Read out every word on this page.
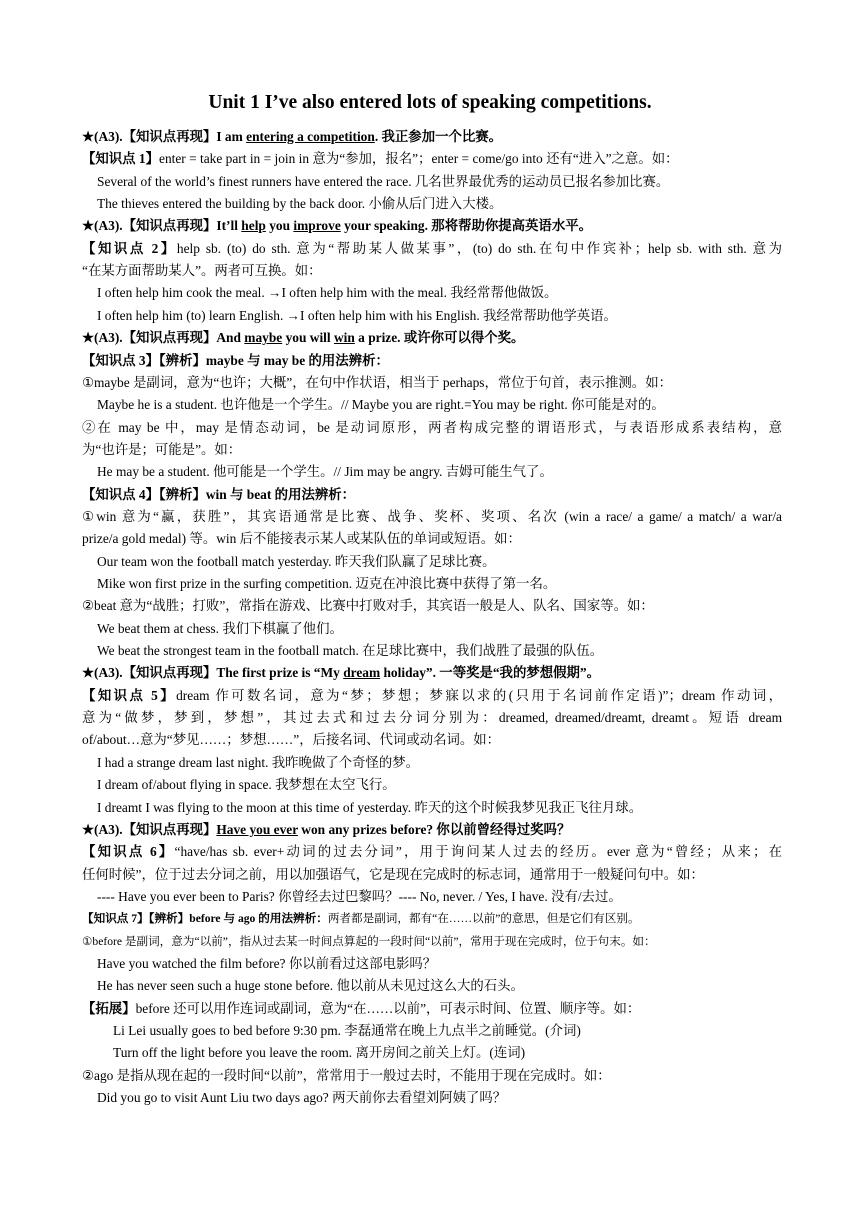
Unit 1 I’ve also entered lots of speaking competitions.
★(A3).【知识点再现】I am entering a competition. 我正参加一个比赛。
【知识点 1】enter = take part in = join in 意为“参加，报名”；enter = come/go into 还有“进入”之意。如：
Several of the world’s finest runners have entered the race. 几名世界最优秀的运动员已报名参加比赛。
The thieves entered the building by the back door. 小偷从后门进入大楼。
★(A3).【知识点再现】It’ll help you improve your speaking. 那将帮助你提高英语水平。
【知识点 2】help sb. (to) do sth. 意为“帮助某人做某事”，(to) do sth.在句中作宾补；help sb. with sth. 意为
“在某方面帮助某人”。两者可互换。如：
I often help him cook the meal. →I often help him with the meal. 我经常帮他做饭。
I often help him (to) learn English. →I often help him with his English. 我经常帮助他学英语。
★(A3).【知识点再现】And maybe you will win a prize. 或许你可以得个奖。
【知识点 3】【辨析】maybe 与 may be 的用法辨析：
①maybe 是副词，意为“也许；大概”，在句中作状语，相当于 perhaps，常位于句首，表示推测。如：
Maybe he is a student. 也许他是一个学生。// Maybe you are right.=You may be right. 你可能是对的。
②在 may be 中，may 是情态动词，be 是动词原形，两者构成完整的谓语形式，与表语形成系表结构，意
为“也许是；可能是”。如：
He may be a student. 他可能是一个学生。// Jim may be angry. 吉姆可能生气了。
【知识点 4】【辨析】win 与 beat 的用法辨析：
①win 意为“赢，获胜”，其宾语通常是比赛、战争、奖杯、奖项、名次 (win a race/ a game/ a match/ a war/a
prize/a gold medal) 等。win 后不能接表示某人或某队伍的单词或短语。如：
Our team won the football match yesterday. 昨天我们队赢了足球比赛。
Mike won first prize in the surfing competition. 迈克在冲浪比赛中获得了第一名。
②beat 意为“战胜；打败”，常指在游戏、比赛中打败对手，其宾语一般是人、队名、国家等。如：
We beat them at chess. 我们下棋赢了他们。
We beat the strongest team in the football match. 在足球比赛中，我们战胜了最强的队伍。
★(A3).【知识点再现】The first prize is “My dream holiday”. 一等奖是“我的梦想假期”。
【知识点 5】dream 作可数名词，意为“梦；梦想；梦寐以求的(只用于名词前作定语)”；dream 作动词，
意为“做梦，梦到，梦想”，其过去式和过去分词分别为：dreamed, dreamed/dreamt, dreamt。短语 dream
of/about…意为“梦见……；梦想……”，后接名词、代词或动名词。如：
I had a strange dream last night. 我昨晚做了个奇怪的梦。
I dream of/about flying in space. 我梦想在太空飞行。
I dreamt I was flying to the moon at this time of yesterday. 昨天的这个时候我梦见我正飞往月球。
★(A3).【知识点再现】Have you ever won any prizes before? 你以前曾经得过奖吗？
【知识点 6】“have/has sb. ever+动词的过去分词”，用于询问某人过去的经历。ever 意为“曾经；从来；在
任何时候”，位于过去分词之前，用以加强语气，它是现在完成时的标志词，通常用于一般疑问句中。如：
---- Have you ever been to Paris? 你曾经去过巴黎吗？---- No, never. / Yes, I have. 没有/去过。
【知识点 7】【辨析】before 与 ago 的用法辨析：两者都是副词，都有“在……以前”的意思，但是它们有区别。
①before 是副词，意为“以前”，指从过去某一时间点算起的一段时间“以前”，常用于现在完成时，位于句末。如：
Have you watched the film before? 你以前看过这部电影吗？
He has never seen such a huge stone before. 他以前从未见过这么大的石头。
【拓展】before 还可以用作连词或副词，意为“在……以前”，可表示时间、位置、顺序等。如：
Li Lei usually goes to bed before 9:30 pm. 李磊通常在晚上九点半之前睡觉。(介词)
Turn off the light before you leave the room. 离开房间之前关上灯。(连词)
②ago 是指从现在起的一段时间“以前”，常常用于一般过去时，不能用于现在完成时。如：
Did you go to visit Aunt Liu two days ago? 两天前你去看望刘阿姨了吗？
